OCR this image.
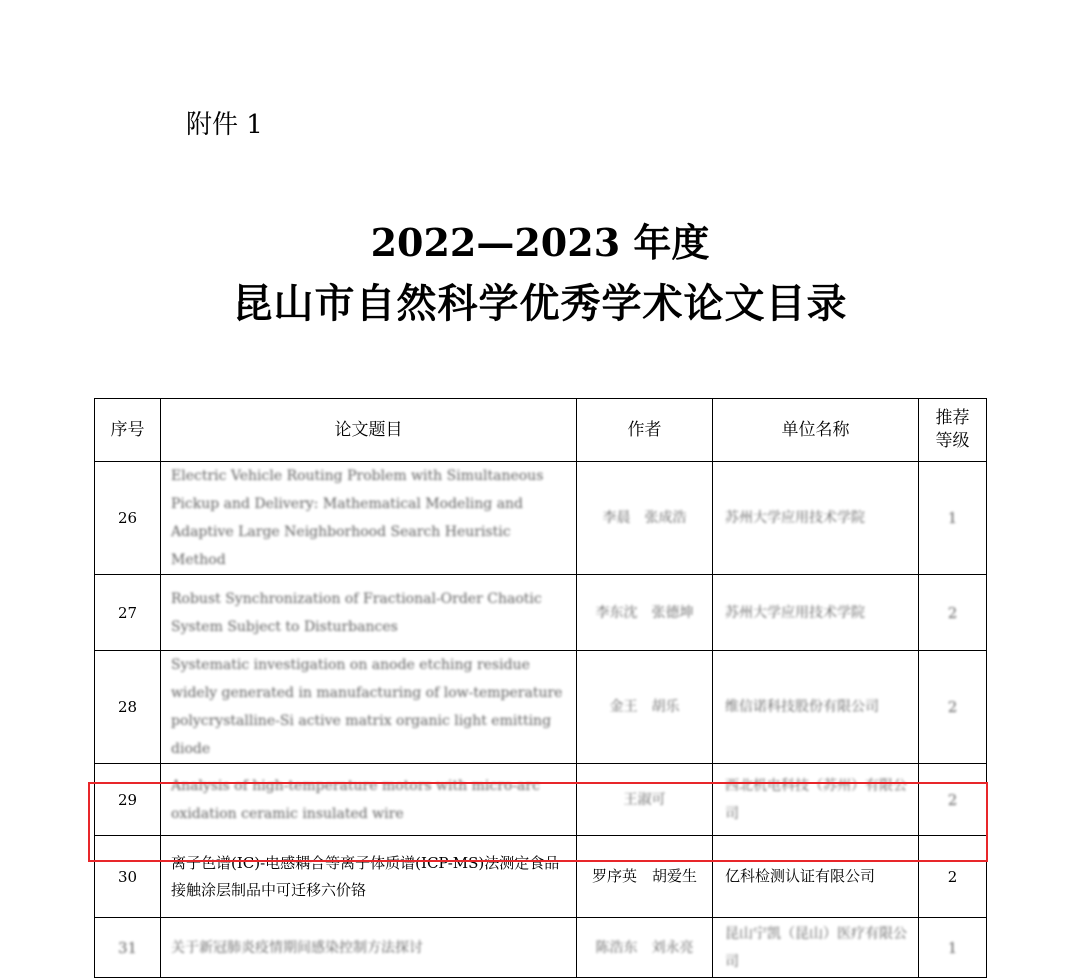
附件 1
2022—2023 年度
昆山市自然科学优秀学术论文目录
序号	论文题目	作者	单位名称	推荐
等级
26	Electric Vehicle Routing Problem with Simultaneous Pickup and Delivery: Mathematical Modeling and Adaptive Large Neighborhood Search Heuristic Method	李晨　张成浩	苏州大学应用技术学院	1
27	Robust Synchronization of Fractional-Order Chaotic System Subject to Disturbances	李东沈　张德坤	苏州大学应用技术学院	2
28	Systematic investigation on anode etching residue widely generated in manufacturing of low-temperature polycrystalline-Si active matrix organic light emitting diode	金王　胡乐	维信诺科技股份有限公司	2
29	Analysis of high-temperature motors with micro-arc oxidation ceramic insulated wire	王淑可	西北机电科技（苏州）有限公司	2
30	离子色谱(IC)-电感耦合等离子体质谱(ICP-MS)法测定食品接触涂层制品中可迁移六价铬	罗序英　胡爱生	亿科检测认证有限公司	2
31	关于新冠肺炎疫情期间感染控制方法探讨	陈浩东　刘永亮	昆山宁凯（昆山）医疗有限公司	1
